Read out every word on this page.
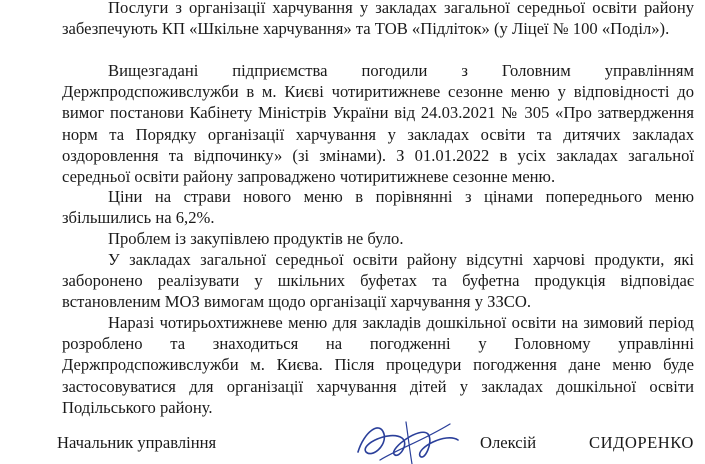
Послуги з організації харчування у закладах загальної середньої освіти району забезпечують КП «Шкільне харчування» та ТОВ «Підліток» (у Ліцеї № 100 «Поділ»).

Вищезгадані підприємства погодили з Головним управлінням Держпродспоживслужби в м. Києві чотиритижневе сезонне меню у відповідності до вимог постанови Кабінету Міністрів України від 24.03.2021 № 305 «Про затвердження норм та Порядку організації харчування у закладах освіти та дитячих закладах оздоровлення та відпочинку» (зі змінами). З 01.01.2022 в усіх закладах загальної середньої освіти району запроваджено чотиритижневе сезонне меню.

Ціни на страви нового меню в порівнянні з цінами попереднього меню збільшились на 6,2%.

Проблем із закупівлею продуктів не було.

У закладах загальної середньої освіти району відсутні харчові продукти, які заборонено реалізувати у шкільних буфетах та буфетна продукція відповідає встановленим МОЗ вимогам щодо організації харчування у ЗЗСО.

Наразі чотирьохтижневе меню для закладів дошкільної освіти на зимовий період розроблено та знаходиться на погодженні у Головному управлінні Держпродспоживслужби м. Києва. Після процедури погодження дане меню буде застосовуватися для організації харчування дітей у закладах дошкільної освіти Подільського району.

Начальник управління	Олексій	СИДОРЕНКО
